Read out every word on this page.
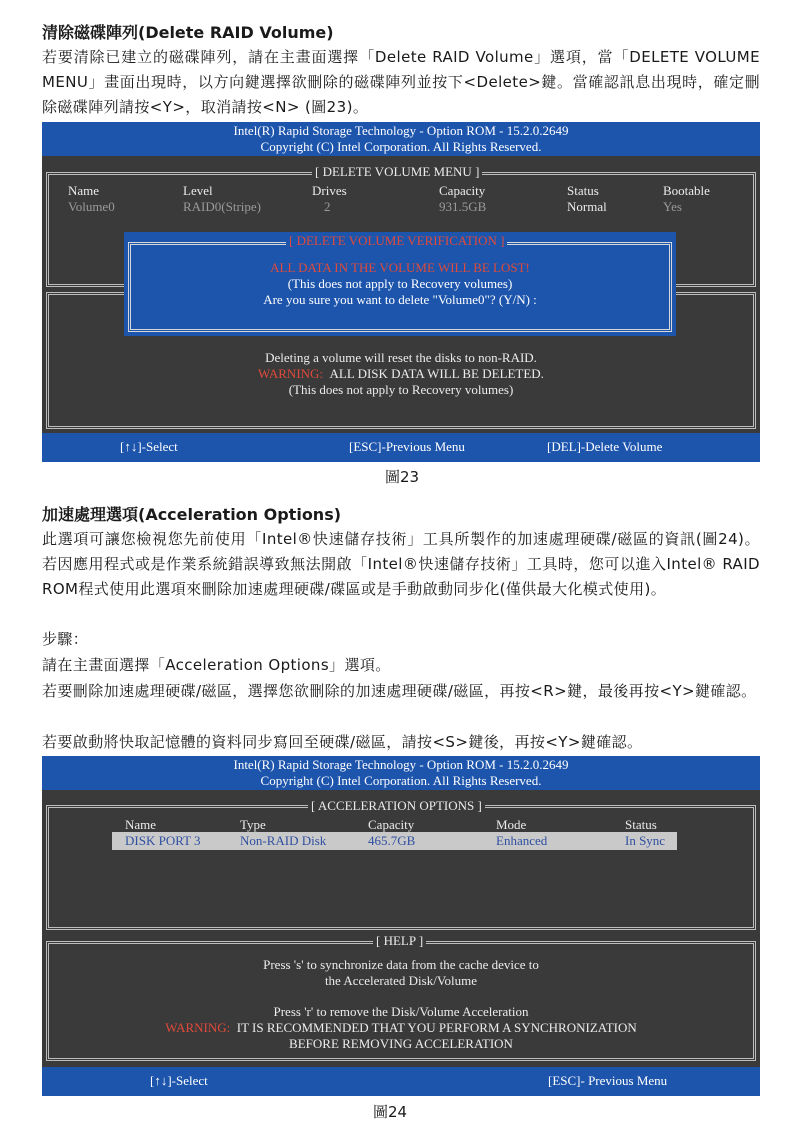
清除磁碟陣列(Delete RAID Volume)
若要清除已建立的磁碟陣列，請在主畫面選擇「Delete RAID Volume」選項，當「DELETE VOLUME MENU」畫面出現時，以方向鍵選擇欲刪除的磁碟陣列並按下<Delete>鍵。當確認訊息出現時，確定刪除磁碟陣列請按<Y>，取消請按<N> (圖23)。
Intel(R) Rapid Storage Technology - Option ROM - 15.2.0.2649
Copyright (C) Intel Corporation. All Rights Reserved.
[ DELETE VOLUME MENU ]
Name	Level	Drives	Capacity	Status	Bootable
Volume0	RAID0(Stripe)	2	931.5GB	Normal	Yes
Deleting a volume will reset the disks to non-RAID.
WARNING: ALL DISK DATA WILL BE DELETED.
(This does not apply to Recovery volumes)
[ DELETE VOLUME VERIFICATION ]
ALL DATA IN THE VOLUME WILL BE LOST!
(This does not apply to Recovery volumes)
Are you sure you want to delete "Volume0"? (Y/N) :
[↑↓]-Select	[ESC]-Previous Menu	[DEL]-Delete Volume
圖23
加速處理選項(Acceleration Options)
此選項可讓您檢視您先前使用「Intel®快速儲存技術」工具所製作的加速處理硬碟/磁區的資訊(圖24)。若因應用程式或是作業系統錯誤導致無法開啟「Intel®快速儲存技術」工具時，您可以進入Intel® RAID ROM程式使用此選項來刪除加速處理硬碟/碟區或是手動啟動同步化(僅供最大化模式使用)。
步驟：
請在主畫面選擇「Acceleration Options」選項。
若要刪除加速處理硬碟/磁區，選擇您欲刪除的加速處理硬碟/磁區，再按<R>鍵，最後再按<Y>鍵確認。
若要啟動將快取記憶體的資料同步寫回至硬碟/磁區，請按<S>鍵後，再按<Y>鍵確認。
Intel(R) Rapid Storage Technology - Option ROM - 15.2.0.2649
Copyright (C) Intel Corporation. All Rights Reserved.
[ ACCELERATION OPTIONS ]
Name	Type	Capacity	Mode	Status
DISK PORT 3	Non-RAID Disk	465.7GB	Enhanced	In Sync
[ HELP ]
Press 's' to synchronize data from the cache device to
the Accelerated Disk/Volume
Press 'r' to remove the Disk/Volume Acceleration
WARNING: IT IS RECOMMENDED THAT YOU PERFORM A SYNCHRONIZATION
BEFORE REMOVING ACCELERATION
[↑↓]-Select	[ESC]- Previous Menu
圖24
